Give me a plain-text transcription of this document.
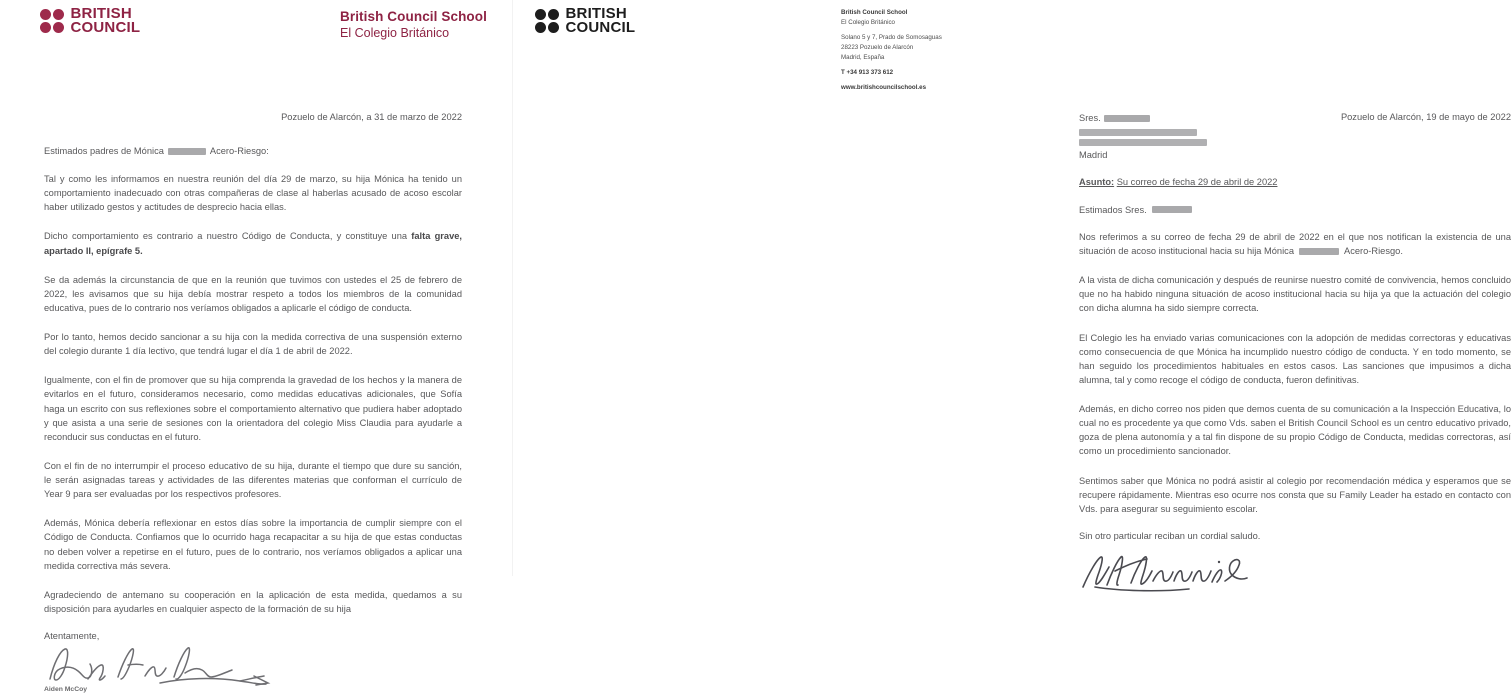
BRITISH
COUNCIL
British Council School
El Colegio Británico
Pozuelo de Alarcón, a 31 de marzo de 2022
Estimados padres de Mónica	Acero-Riesgo:

Tal y como les informamos en nuestra reunión del día 29 de marzo, su hija Mónica ha tenido un comportamiento inadecuado con otras compañeras de clase al haberlas acusado de acoso escolar haber utilizado gestos y actitudes de desprecio hacia ellas.

Dicho comportamiento es contrario a nuestro Código de Conducta, y constituye una falta grave, apartado II, epígrafe 5.

Se da además la circunstancia de que en la reunión que tuvimos con ustedes el 25 de febrero de 2022, les avisamos que su hija debía mostrar respeto a todos los miembros de la comunidad educativa, pues de lo contrario nos veríamos obligados a aplicarle el código de conducta.

Por lo tanto, hemos decido sancionar a su hija con la medida correctiva de una suspensión externo del colegio durante 1 día lectivo, que tendrá lugar el día 1 de abril de 2022.

Igualmente, con el fin de promover que su hija comprenda la gravedad de los hechos y la manera de evitarlos en el futuro, consideramos necesario, como medidas educativas adicionales, que Sofía haga un escrito con sus reflexiones sobre el comportamiento alternativo que pudiera haber adoptado y que asista a una serie de sesiones con la orientadora del colegio Miss Claudia para ayudarle a reconducir sus conductas en el futuro.

Con el fin de no interrumpir el proceso educativo de su hija, durante el tiempo que dure su sanción, le serán asignadas tareas y actividades de las diferentes materias que conforman el currículo de Year 9 para ser evaluadas por los respectivos profesores.

Además, Mónica debería reflexionar en estos días sobre la importancia de cumplir siempre con el Código de Conducta. Confiamos que lo ocurrido haga recapacitar a su hija de que estas conductas no deben volver a repetirse en el futuro, pues de lo contrario, nos veríamos obligados a aplicar una medida correctiva más severa.

Agradeciendo de antemano su cooperación en la aplicación de esta medida, quedamos a su disposición para ayudarles en cualquier aspecto de la formación de su hija

Atentamente,
Aiden McCoy
BRITISH
COUNCIL
British Council School
El Colegio Británico
Solano 5 y 7, Prado de Somosaguas
28223 Pozuelo de Alarcón
Madrid, España
T +34 913 373 612
www.britishcouncilschool.es
Pozuelo de Alarcón, 19 de mayo de 2022
Sres.
Madrid
Asunto: Su correo de fecha 29 de abril de 2022
Estimados Sres.

Nos referimos a su correo de fecha 29 de abril de 2022 en el que nos notifican la existencia de una situación de acoso institucional hacia su hija Mónica	Acero-Riesgo.

A la vista de dicha comunicación y después de reunirse nuestro comité de convivencia, hemos concluido que no ha habido ninguna situación de acoso institucional hacia su hija ya que la actuación del colegio con dicha alumna ha sido siempre correcta.

El Colegio les ha enviado varias comunicaciones con la adopción de medidas correctoras y educativas como consecuencia de que Mónica ha incumplido nuestro código de conducta. Y en todo momento, se han seguido los procedimientos habituales en estos casos. Las sanciones que impusimos a dicha alumna, tal y como recoge el código de conducta, fueron definitivas.

Además, en dicho correo nos piden que demos cuenta de su comunicación a la Inspección Educativa, lo cual no es procedente ya que como Vds. saben el British Council School es un centro educativo privado, goza de plena autonomía y a tal fin dispone de su propio Código de Conducta, medidas correctoras, así como un procedimiento sancionador.

Sentimos saber que Mónica no podrá asistir al colegio por recomendación médica y esperamos que se recupere rápidamente. Mientras eso ocurre nos consta que su Family Leader ha estado en contacto con Vds. para asegurar su seguimiento escolar.

Sin otro particular reciban un cordial saludo.
